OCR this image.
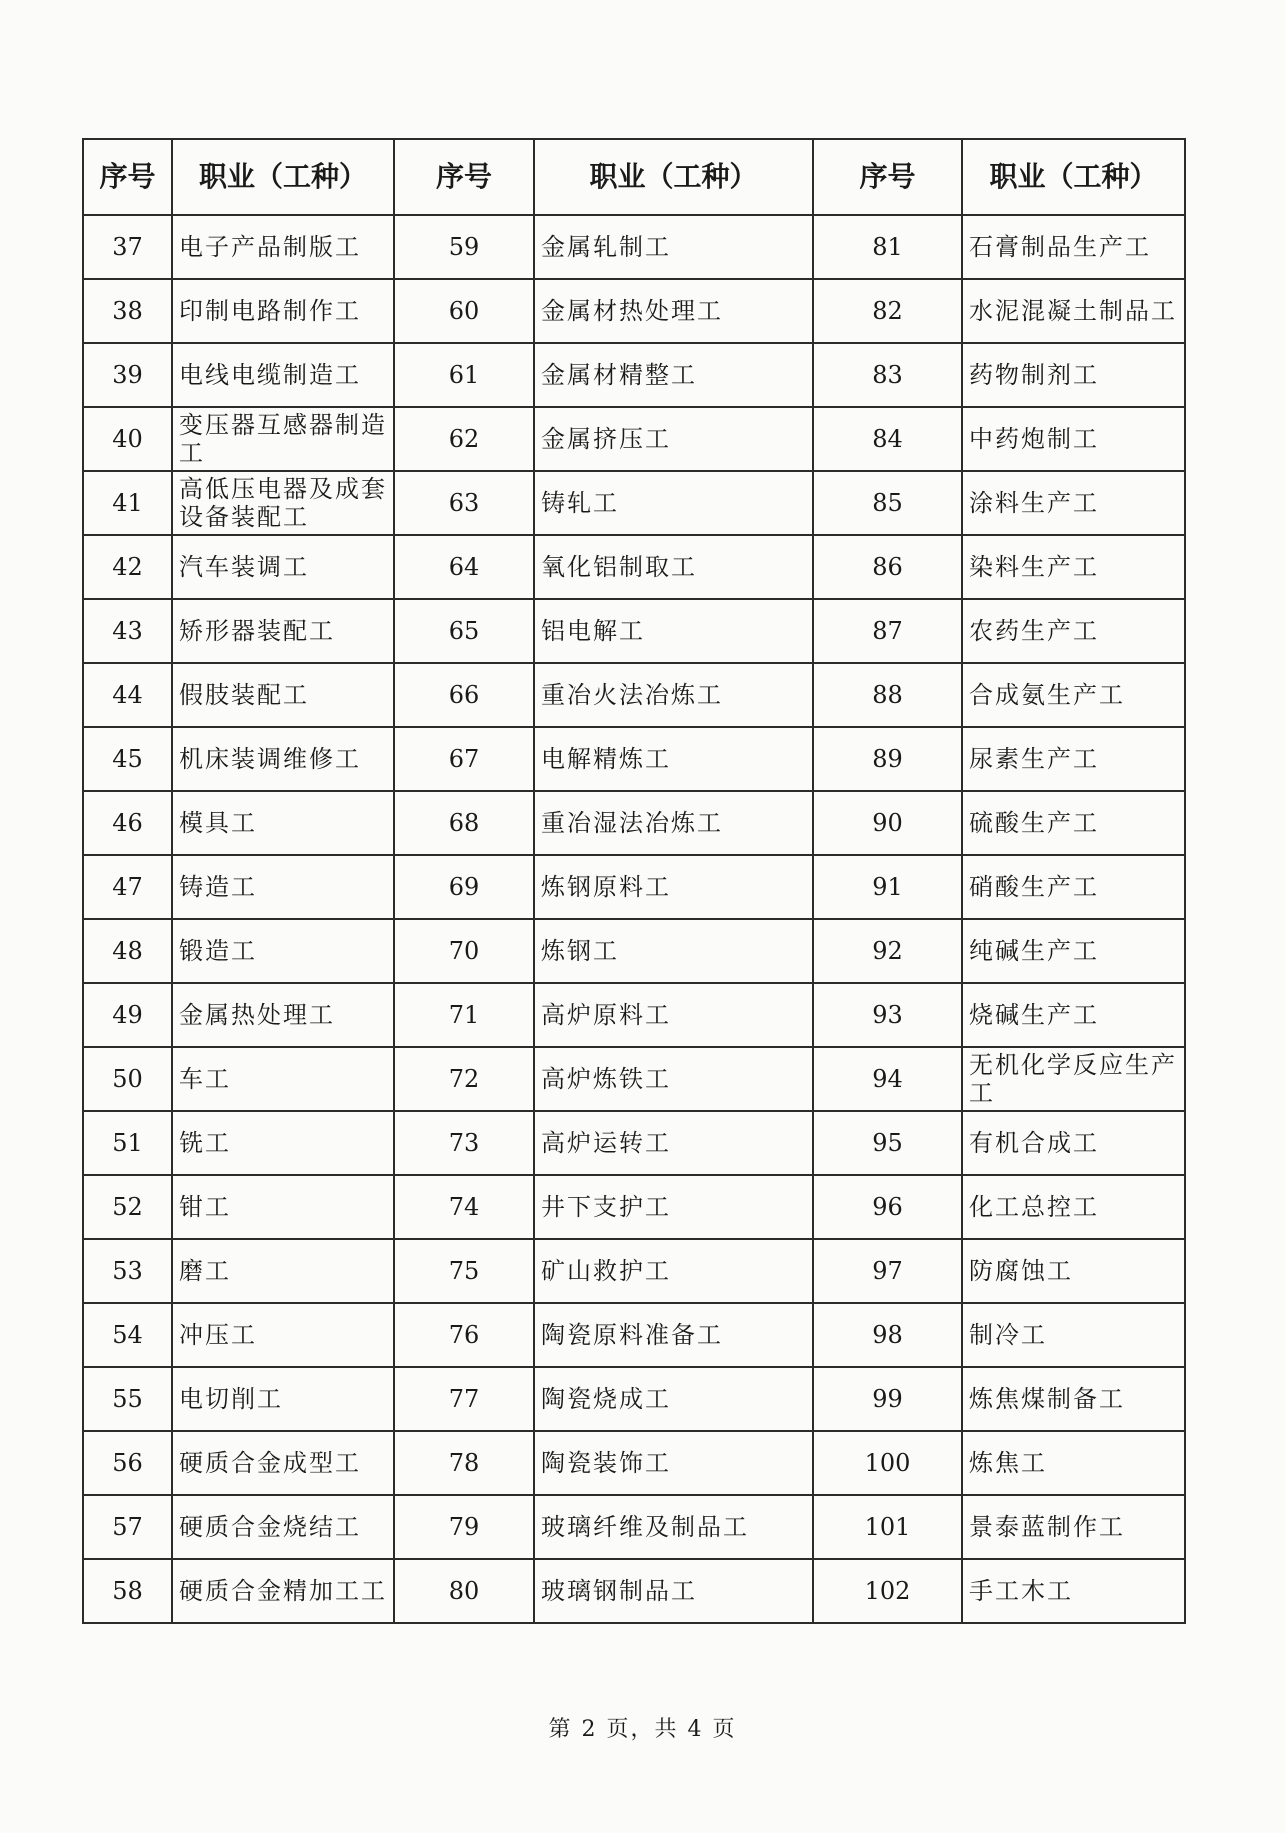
序号	职业（工种）	序号	职业（工种）	序号	职业（工种）
37	电子产品制版工	59	金属轧制工	81	石膏制品生产工
38	印制电路制作工	60	金属材热处理工	82	水泥混凝土制品工
39	电线电缆制造工	61	金属材精整工	83	药物制剂工
40	变压器互感器制造工	62	金属挤压工	84	中药炮制工
41	高低压电器及成套设备装配工	63	铸轧工	85	涂料生产工
42	汽车装调工	64	氧化铝制取工	86	染料生产工
43	矫形器装配工	65	铝电解工	87	农药生产工
44	假肢装配工	66	重冶火法冶炼工	88	合成氨生产工
45	机床装调维修工	67	电解精炼工	89	尿素生产工
46	模具工	68	重冶湿法冶炼工	90	硫酸生产工
47	铸造工	69	炼钢原料工	91	硝酸生产工
48	锻造工	70	炼钢工	92	纯碱生产工
49	金属热处理工	71	高炉原料工	93	烧碱生产工
50	车工	72	高炉炼铁工	94	无机化学反应生产工
51	铣工	73	高炉运转工	95	有机合成工
52	钳工	74	井下支护工	96	化工总控工
53	磨工	75	矿山救护工	97	防腐蚀工
54	冲压工	76	陶瓷原料准备工	98	制冷工
55	电切削工	77	陶瓷烧成工	99	炼焦煤制备工
56	硬质合金成型工	78	陶瓷装饰工	100	炼焦工
57	硬质合金烧结工	79	玻璃纤维及制品工	101	景泰蓝制作工
58	硬质合金精加工工	80	玻璃钢制品工	102	手工木工
第 2 页，共 4 页
